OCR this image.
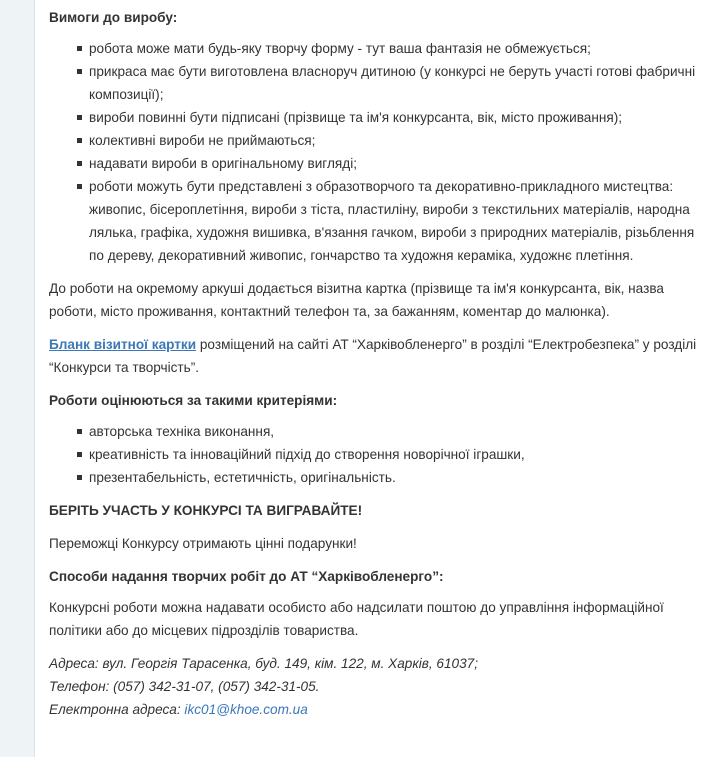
Вимоги до виробу:

робота може мати будь-яку творчу форму - тут ваша фантазія не обмежується;
прикраса має бути виготовлена власноруч дитиною (у конкурсі не беруть участі готові фабричні композиції);
вироби повинні бути підписані (прізвище та ім'я конкурсанта, вік, місто проживання);
колективні вироби не приймаються;
надавати вироби в оригінальному вигляді;
роботи можуть бути представлені з образотворчого та декоративно-прикладного мистецтва: живопис, бісероплетіння, вироби з тіста, пластиліну, вироби з текстильних матеріалів, народна лялька, графіка, художня вишивка, в'язання гачком, вироби з природних матеріалів, різьблення по дереву, декоративний живопис, гончарство та художня кераміка, художнє плетіння.

До роботи на окремому аркуші додається візитна картка (прізвище та ім'я конкурсанта, вік, назва роботи, місто проживання, контактний телефон та, за бажанням, коментар до малюнка).

Бланк візитної картки розміщений на сайті АТ “Харківобленерго” в розділі “Електробезпека” у розділі “Конкурси та творчість”.

Роботи оцінюються за такими критеріями:

авторська техніка виконання,
креативність та інноваційний підхід до створення новорічної іграшки,
презентабельність, естетичність, оригінальність.

БЕРІТЬ УЧАСТЬ У КОНКУРСІ ТА ВИГРАВАЙТЕ!

Переможці Конкурсу отримають цінні подарунки!

Способи надання творчих робіт до АТ “Харківобленерго”:

Конкурсні роботи можна надавати особисто або надсилати поштою до управління інформаційної політики або до місцевих підрозділів товариства.

Адреса: вул. Георгія Тарасенка, буд. 149, кім. 122, м. Харків, 61037;
Телефон: (057) 342-31-07, (057) 342-31-05.
Електронна адреса: ikc01@khoe.com.ua
